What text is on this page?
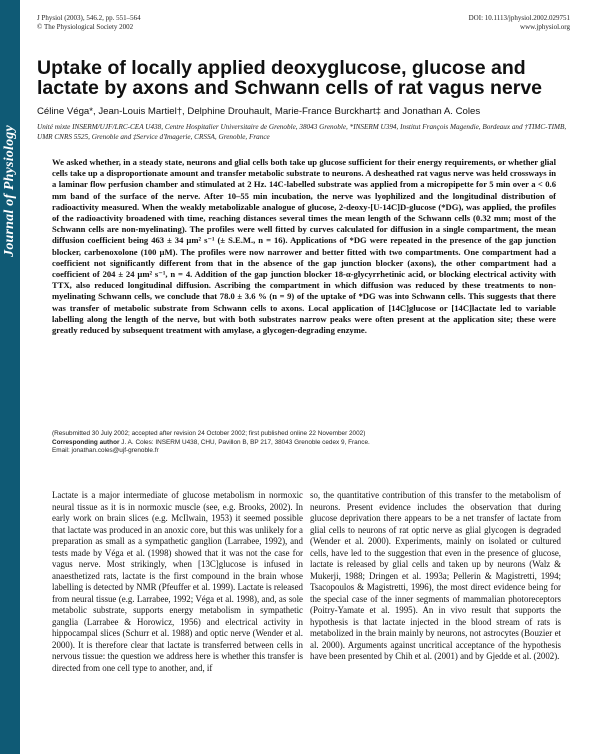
Journal of Physiology
J Physiol (2003), 546.2, pp. 551–564
© The Physiological Society 2002
DOI: 10.1113/jphysiol.2002.029751
www.jphysiol.org
Uptake of locally applied deoxyglucose, glucose and lactate by axons and Schwann cells of rat vagus nerve
Céline Véga*, Jean-Louis Martiel†, Delphine Drouhault, Marie-France Burckhart‡ and Jonathan A. Coles
Unité mixte INSERM/UJF/LRC-CEA U438, Centre Hospitalier Universitaire de Grenoble, 38043 Grenoble, *INSERM U394, Institut François Magendie, Bordeaux and †TIMC-TIMB, UMR CNRS 5525, Grenoble and ‡Service d'Imagerie, CRSSA, Grenoble, France
We asked whether, in a steady state, neurons and glial cells both take up glucose sufficient for their energy requirements, or whether glial cells take up a disproportionate amount and transfer metabolic substrate to neurons. A desheathed rat vagus nerve was held crossways in a laminar flow perfusion chamber and stimulated at 2 Hz. 14C-labelled substrate was applied from a micropipette for 5 min over a < 0.6 mm band of the surface of the nerve. After 10–55 min incubation, the nerve was lyophilized and the longitudinal distribution of radioactivity measured. When the weakly metabolizable analogue of glucose, 2-deoxy-[U-14C]D-glucose (*DG), was applied, the profiles of the radioactivity broadened with time, reaching distances several times the mean length of the Schwann cells (0.32 mm; most of the Schwann cells are non-myelinating). The profiles were well fitted by curves calculated for diffusion in a single compartment, the mean diffusion coefficient being 463 ± 34 µm² s⁻¹ (± S.E.M., n = 16). Applications of *DG were repeated in the presence of the gap junction blocker, carbenoxolone (100 µM). The profiles were now narrower and better fitted with two compartments. One compartment had a coefficient not significantly different from that in the absence of the gap junction blocker (axons), the other compartment had a coefficient of 204 ± 24 µm² s⁻¹, n = 4. Addition of the gap junction blocker 18-α-glycyrrhetinic acid, or blocking electrical activity with TTX, also reduced longitudinal diffusion. Ascribing the compartment in which diffusion was reduced by these treatments to non-myelinating Schwann cells, we conclude that 78.0 ± 3.6 % (n = 9) of the uptake of *DG was into Schwann cells. This suggests that there was transfer of metabolic substrate from Schwann cells to axons. Local application of [14C]glucose or [14C]lactate led to variable labelling along the length of the nerve, but with both substrates narrow peaks were often present at the application site; these were greatly reduced by subsequent treatment with amylase, a glycogen-degrading enzyme.
(Resubmitted 30 July 2002; accepted after revision 24 October 2002; first published online 22 November 2002)
Corresponding author J. A. Coles: INSERM U438, CHU, Pavillon B, BP 217, 38043 Grenoble cedex 9, France.
Email: jonathan.coles@ujf-grenoble.fr
Lactate is a major intermediate of glucose metabolism in normoxic neural tissue as it is in normoxic muscle (see, e.g. Brooks, 2002). In early work on brain slices (e.g. McIlwain, 1953) it seemed possible that lactate was produced in an anoxic core, but this was unlikely for a preparation as small as a sympathetic ganglion (Larrabee, 1992), and tests made by Véga et al. (1998) showed that it was not the case for vagus nerve. Most strikingly, when [13C]glucose is infused in anaesthetized rats, lactate is the first compound in the brain whose labelling is detected by NMR (Pfeuffer et al. 1999). Lactate is released from neural tissue (e.g. Larrabee, 1992; Véga et al. 1998), and, as sole metabolic substrate, supports energy metabolism in sympathetic ganglia (Larrabee & Horowicz, 1956) and electrical activity in hippocampal slices (Schurr et al. 1988) and optic nerve (Wender et al. 2000). It is therefore clear that lactate is transferred between cells in nervous tissue: the question we address here is whether this transfer is directed from one cell type to another, and, if
so, the quantitative contribution of this transfer to the metabolism of neurons. Present evidence includes the observation that during glucose deprivation there appears to be a net transfer of lactate from glial cells to neurons of rat optic nerve as glial glycogen is degraded (Wender et al. 2000). Experiments, mainly on isolated or cultured cells, have led to the suggestion that even in the presence of glucose, lactate is released by glial cells and taken up by neurons (Walz & Mukerji, 1988; Dringen et al. 1993a; Pellerin & Magistretti, 1994; Tsacopoulos & Magistretti, 1996), the most direct evidence being for the special case of the inner segments of mammalian photoreceptors (Poitry-Yamate et al. 1995). An in vivo result that supports the hypothesis is that lactate injected in the blood stream of rats is metabolized in the brain mainly by neurons, not astrocytes (Bouzier et al. 2000). Arguments against uncritical acceptance of the hypothesis have been presented by Chih et al. (2001) and by Gjedde et al. (2002).
